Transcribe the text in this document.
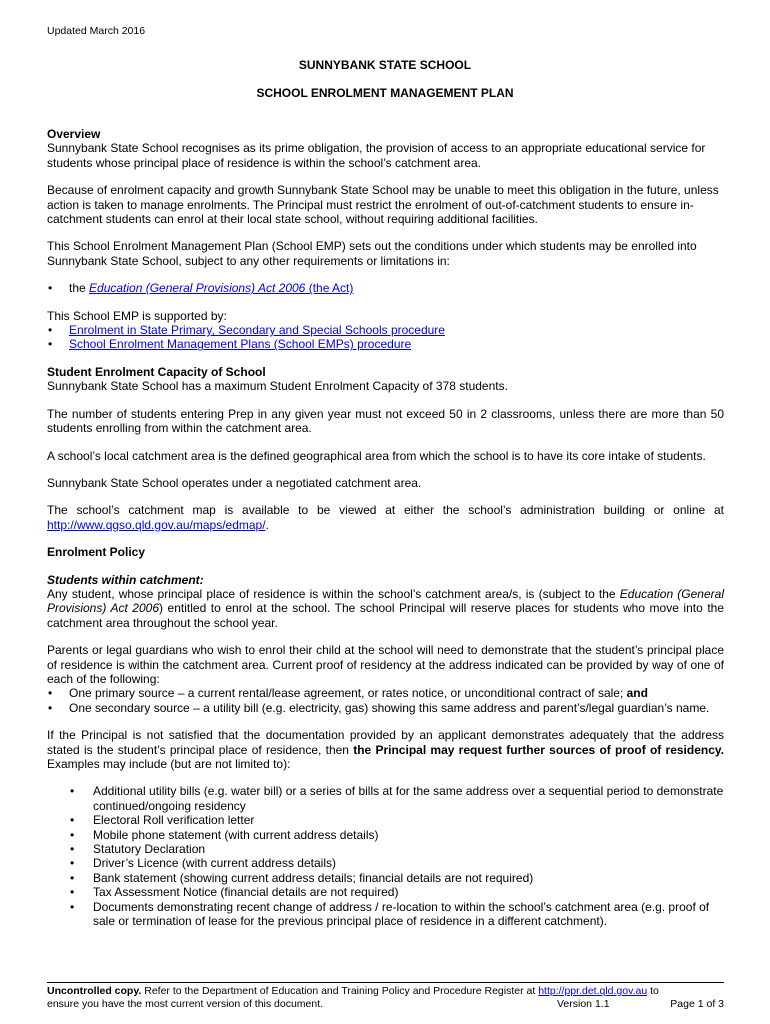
Updated March 2016
SUNNYBANK STATE SCHOOL
SCHOOL ENROLMENT MANAGEMENT PLAN

Overview
Sunnybank State School recognises as its prime obligation, the provision of access to an appropriate educational service for students whose principal place of residence is within the school’s catchment area.

Because of enrolment capacity and growth Sunnybank State School may be unable to meet this obligation in the future, unless action is taken to manage enrolments. The Principal must restrict the enrolment of out-of-catchment students to ensure in-catchment students can enrol at their local state school, without requiring additional facilities.

This School Enrolment Management Plan (School EMP) sets out the conditions under which students may be enrolled into Sunnybank State School, subject to any other requirements or limitations in:

• the Education (General Provisions) Act 2006 (the Act)
This School EMP is supported by:
• Enrolment in State Primary, Secondary and Special Schools procedure
• School Enrolment Management Plans (School EMPs) procedure

Student Enrolment Capacity of School
Sunnybank State School has a maximum Student Enrolment Capacity of 378 students.

The number of students entering Prep in any given year must not exceed 50 in 2 classrooms, unless there are more than 50 students enrolling from within the catchment area.

A school’s local catchment area is the defined geographical area from which the school is to have its core intake of students.

Sunnybank State School operates under a negotiated catchment area.

The school’s catchment map is available to be viewed at either the school’s administration building or online at http://www.qgso.qld.gov.au/maps/edmap/.

Enrolment Policy

Students within catchment:
Any student, whose principal place of residence is within the school’s catchment area/s, is (subject to the Education (General Provisions) Act 2006) entitled to enrol at the school. The school Principal will reserve places for students who move into the catchment area throughout the school year.

Parents or legal guardians who wish to enrol their child at the school will need to demonstrate that the student’s principal place of residence is within the catchment area. Current proof of residency at the address indicated can be provided by way of one of each of the following:
• One primary source – a current rental/lease agreement, or rates notice, or unconditional contract of sale; and
• One secondary source – a utility bill (e.g. electricity, gas) showing this same address and parent’s/legal guardian’s name.

If the Principal is not satisfied that the documentation provided by an applicant demonstrates adequately that the address stated is the student’s principal place of residence, then the Principal may request further sources of proof of residency. Examples may include (but are not limited to):

• Additional utility bills (e.g. water bill) or a series of bills at for the same address over a sequential period to demonstrate continued/ongoing residency
• Electoral Roll verification letter
• Mobile phone statement (with current address details)
• Statutory Declaration
• Driver’s Licence (with current address details)
• Bank statement (showing current address details; financial details are not required)
• Tax Assessment Notice (financial details are not required)
• Documents demonstrating recent change of address / re-location to within the school’s catchment area (e.g. proof of sale or termination of lease for the previous principal place of residence in a different catchment).
Uncontrolled copy. Refer to the Department of Education and Training Policy and Procedure Register at http://ppr.det.qld.gov.au to
ensure you have the most current version of this document.	Version 1.1	Page 1 of 3
